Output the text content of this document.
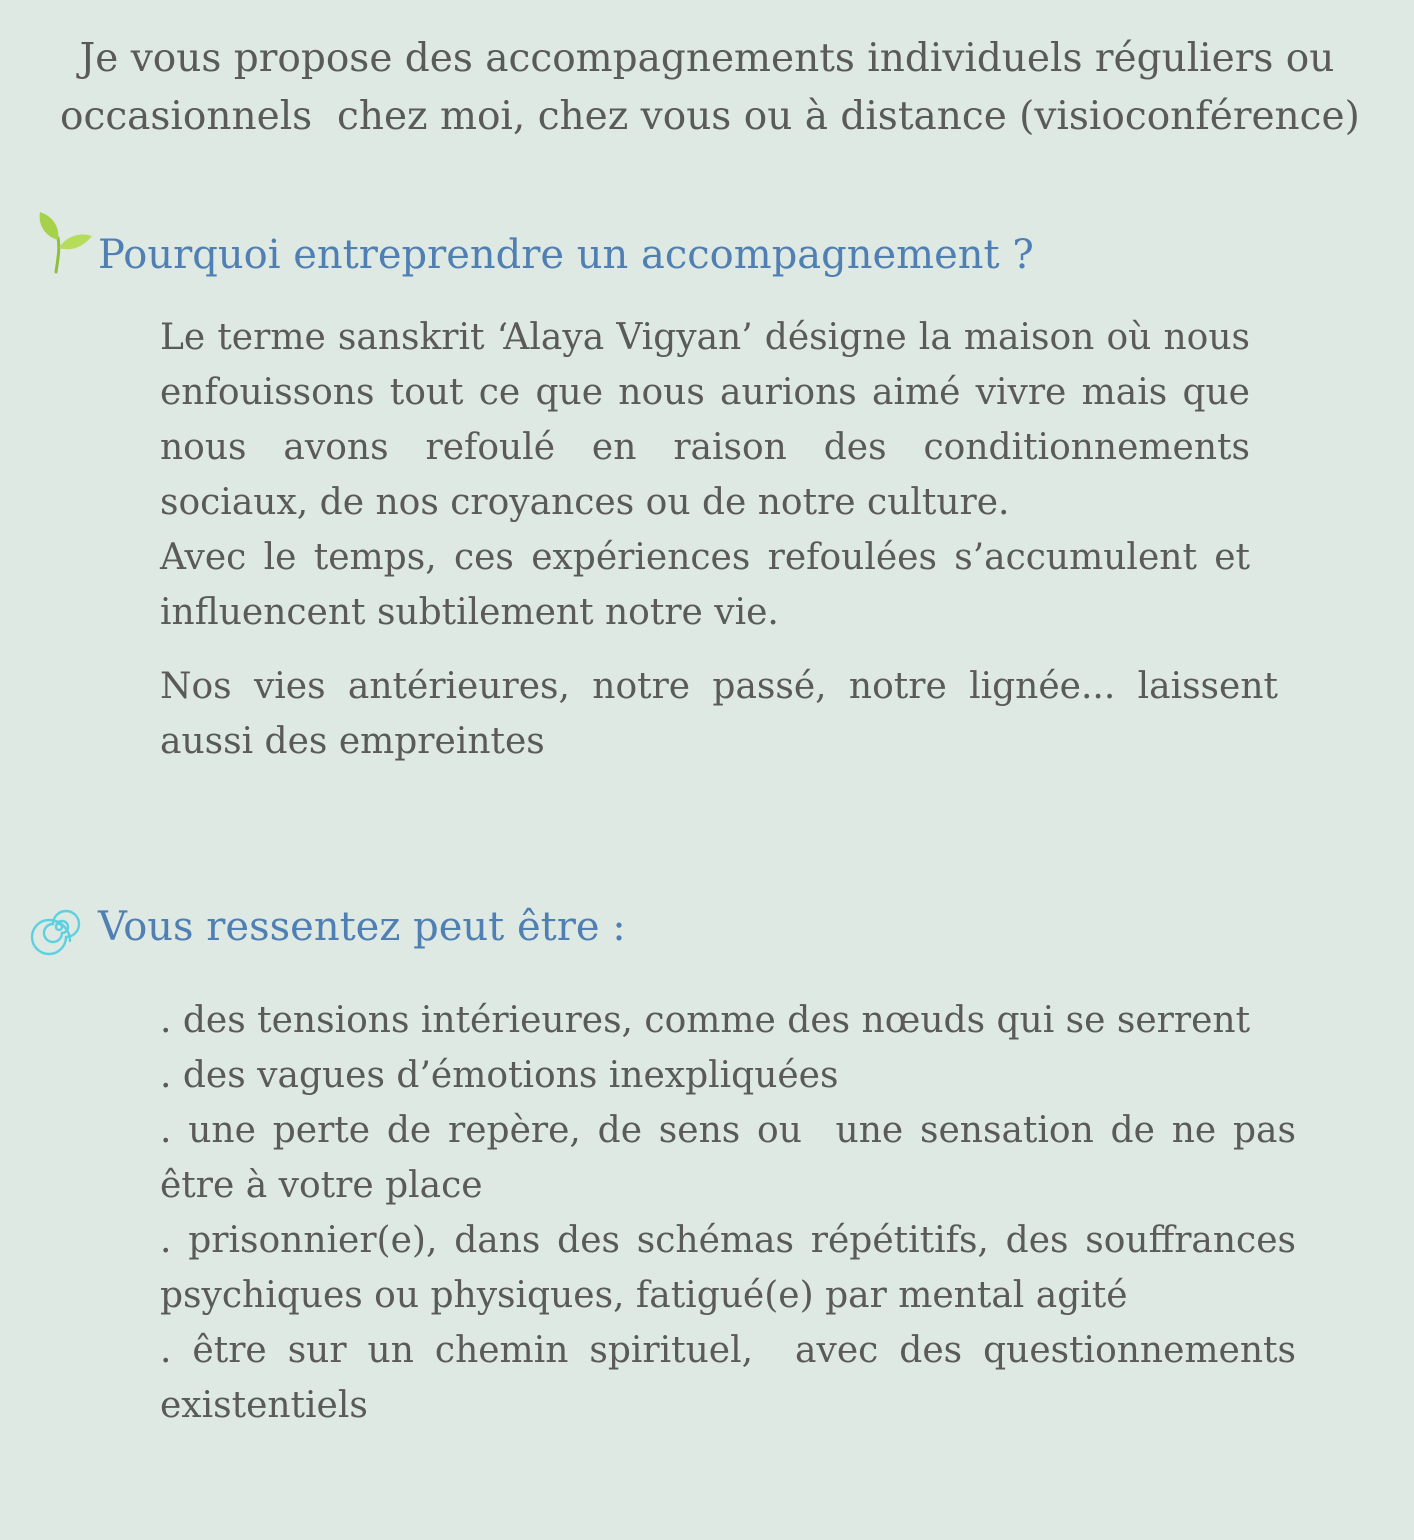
Je vous propose des accompagnements individuels réguliers ou
occasionnels  chez moi, chez vous ou à distance (visioconférence)
Pourquoi entreprendre un accompagnement ?
Le terme sanskrit ‘Alaya Vigyan’ désigne la maison où nous enfouissons tout ce que nous aurions aimé vivre mais que nous avons refoulé en raison des conditionnements sociaux, de nos croyances ou de notre culture.
Avec le temps, ces expériences refoulées s’accumulent et influencent subtilement notre vie.
Nos vies antérieures, notre passé, notre lignée... laissent aussi des empreintes
Vous ressentez peut être :
. des tensions intérieures, comme des nœuds qui se serrent
. des vagues d’émotions inexpliquées
. une perte de repère, de sens ou  une sensation de ne pas être à votre place
. prisonnier(e), dans des schémas répétitifs, des souffrances psychiques ou physiques, fatigué(e) par mental agité
. être sur un chemin spirituel,  avec des questionnements existentiels
